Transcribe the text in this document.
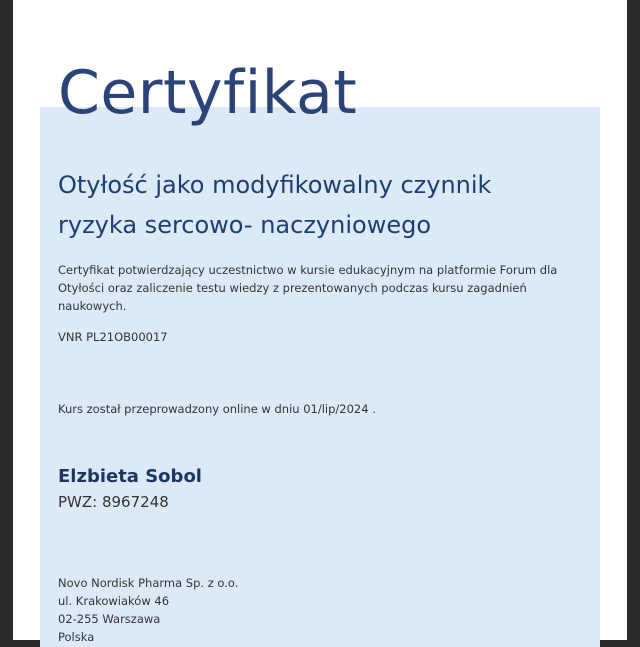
Certyfikat
Otyłość jako modyfikowalny czynnik
ryzyka sercowo- naczyniowego
Certyfikat potwierdzający uczestnictwo w kursie edukacyjnym na platformie Forum dla
Otyłości oraz zaliczenie testu wiedzy z prezentowanych podczas kursu zagadnień
naukowych.
VNR PL21OB00017
Kurs został przeprowadzony online w dniu 01/lip/2024 .
Elzbieta Sobol
PWZ: 8967248
Novo Nordisk Pharma Sp. z o.o.
ul. Krakowiaków 46
02-255 Warszawa
Polska
